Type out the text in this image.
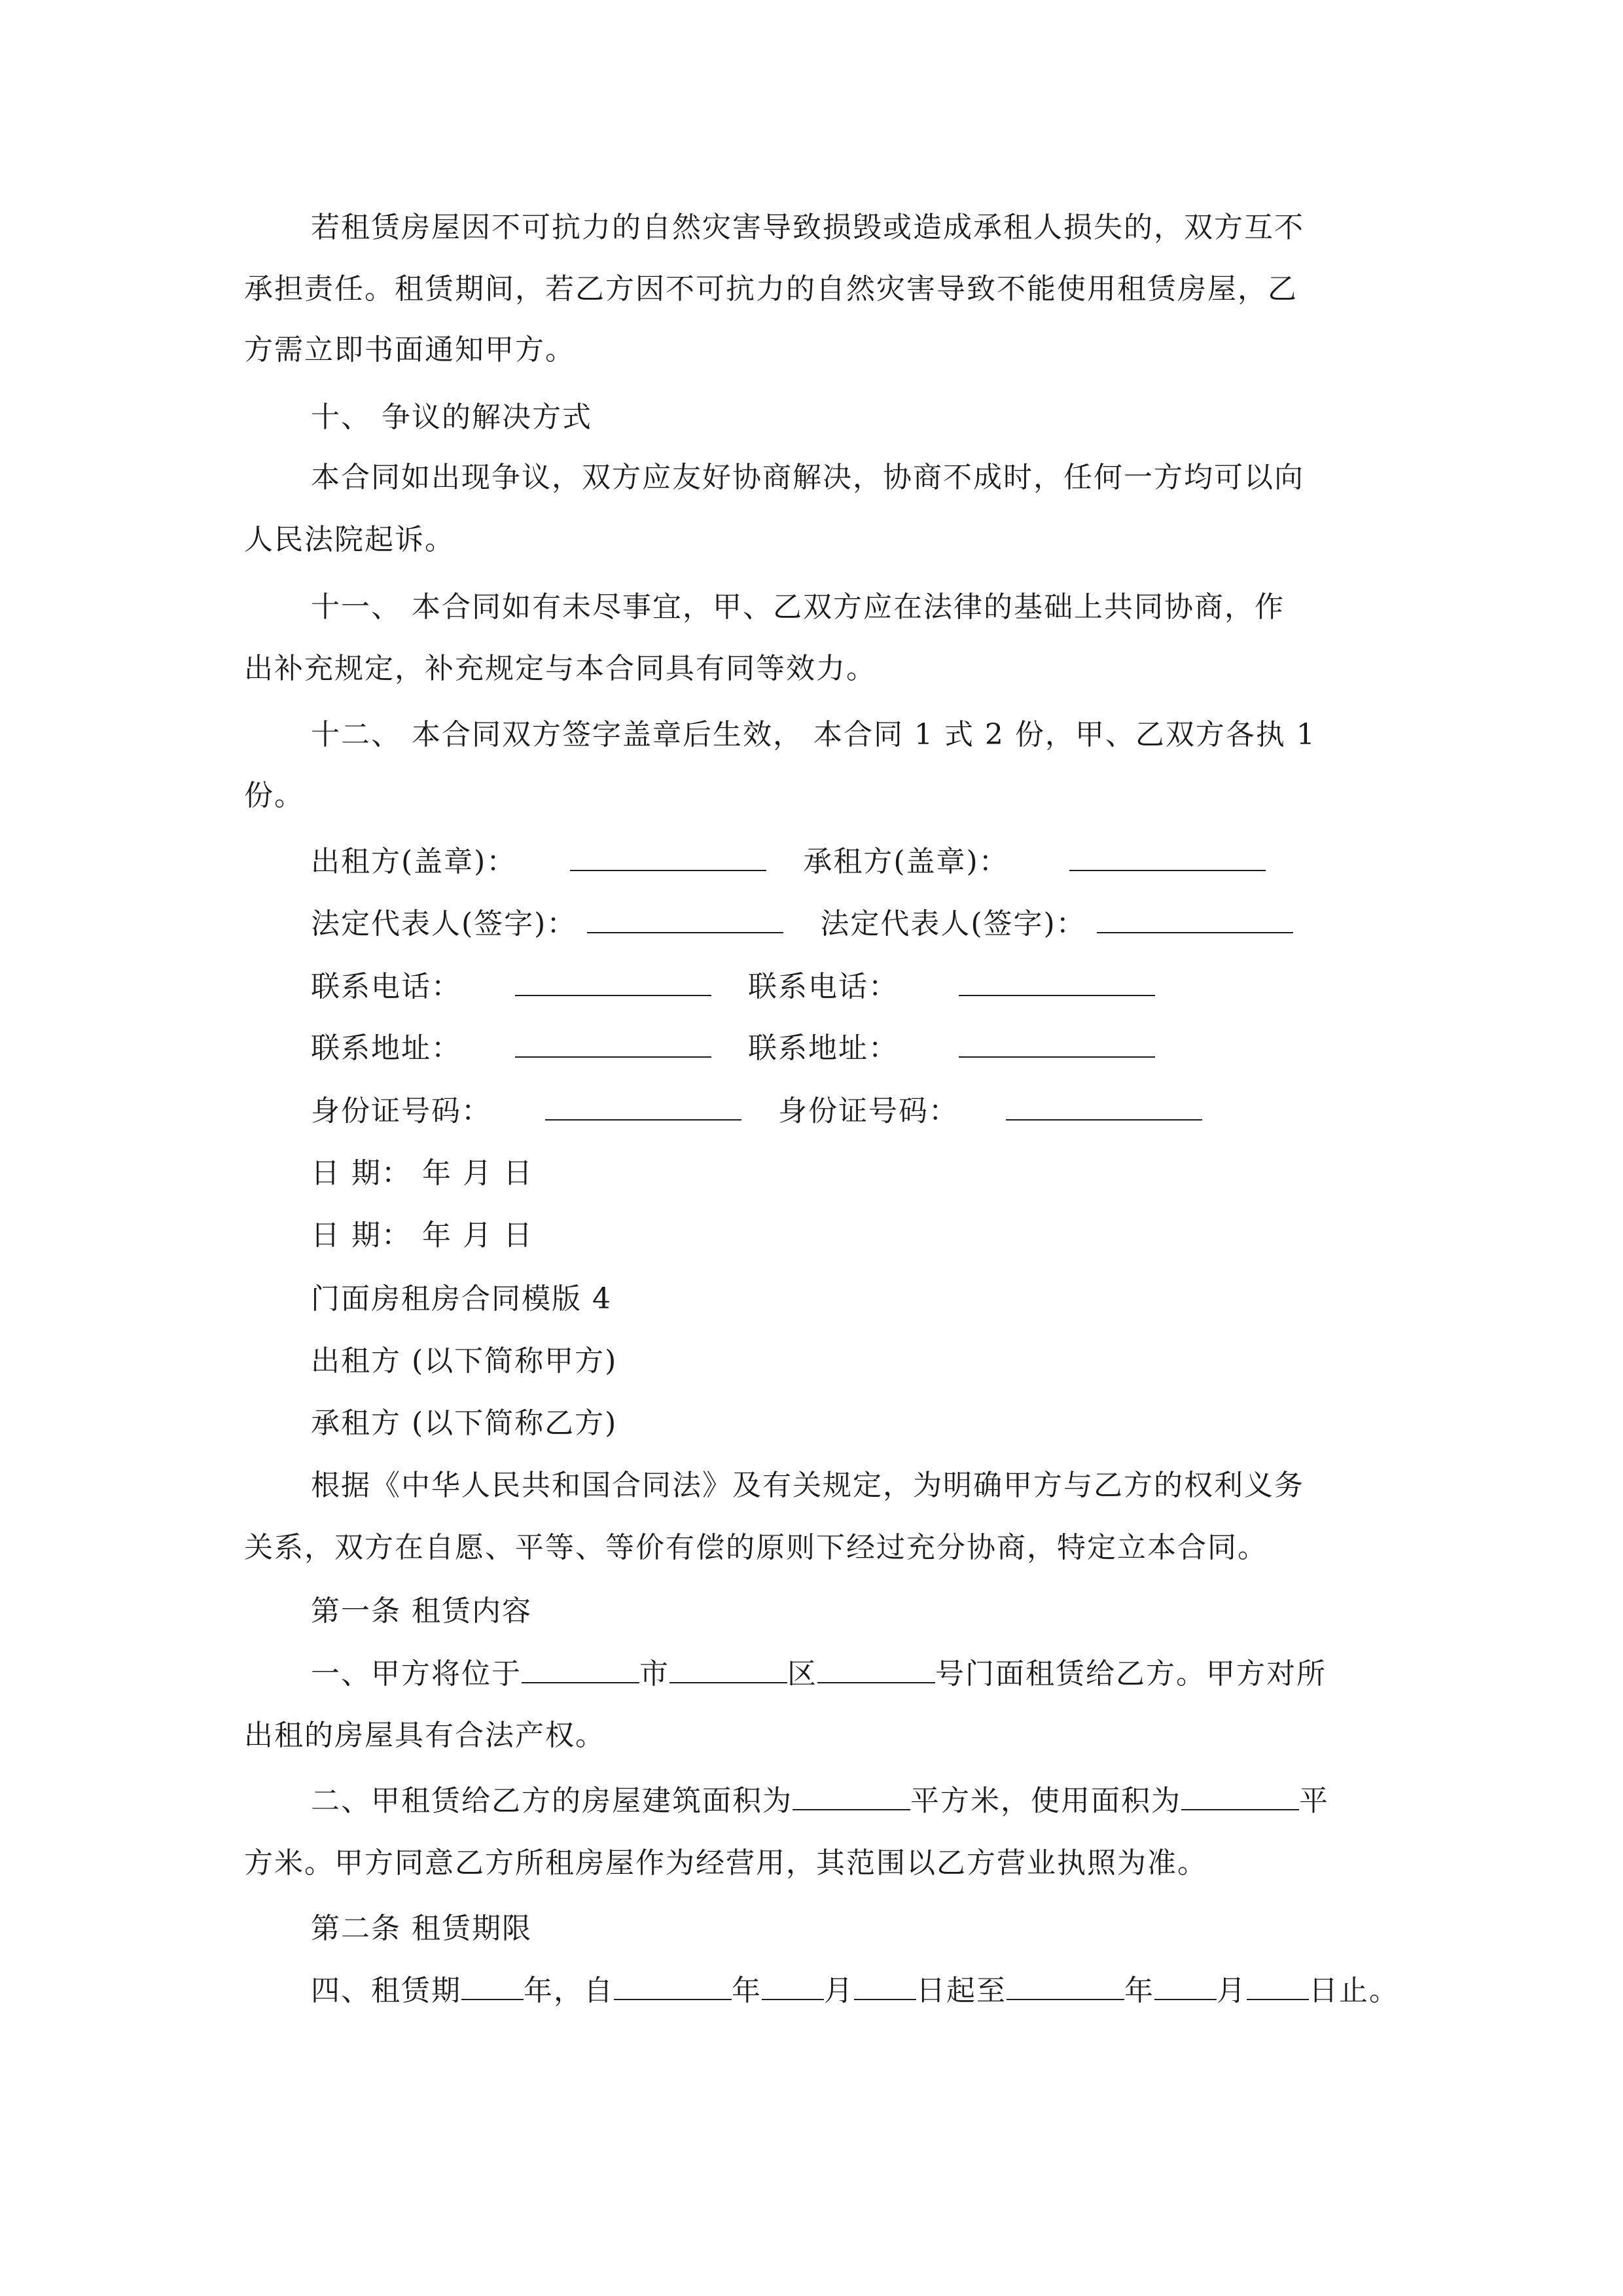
若租赁房屋因不可抗力的自然灾害导致损毁或造成承租人损失的，双方互不
承担责任。租赁期间，若乙方因不可抗力的自然灾害导致不能使用租赁房屋，乙
方需立即书面通知甲方。
十、 争议的解决方式
本合同如出现争议，双方应友好协商解决，协商不成时，任何一方均可以向
人民法院起诉。
十一、 本合同如有未尽事宜，甲、乙双方应在法律的基础上共同协商，作
出补充规定，补充规定与本合同具有同等效力。
十二、 本合同双方签字盖章后生效， 本合同 1 式 2 份，甲、乙双方各执 1
份。
出租方(盖章)：	承租方(盖章)：
法定代表人(签字)：	法定代表人(签字)：
联系电话：	联系电话：
联系地址：	联系地址：
身份证号码：	身份证号码：
日 期： 年 月 日
日 期： 年 月 日
门面房租房合同模版 4
出租方 (以下简称甲方)
承租方 (以下简称乙方)
根据《中华人民共和国合同法》及有关规定，为明确甲方与乙方的权利义务
关系，双方在自愿、平等、等价有偿的原则下经过充分协商，特定立本合同。
第一条 租赁内容
一、甲方将位于	市	区	号门面租赁给乙方。甲方对所
出租的房屋具有合法产权。
二、甲租赁给乙方的房屋建筑面积为	平方米，使用面积为	平
方米。甲方同意乙方所租房屋作为经营用，其范围以乙方营业执照为准。
第二条 租赁期限
四、租赁期 年，自	年 月 日起至	年 月 日止。
